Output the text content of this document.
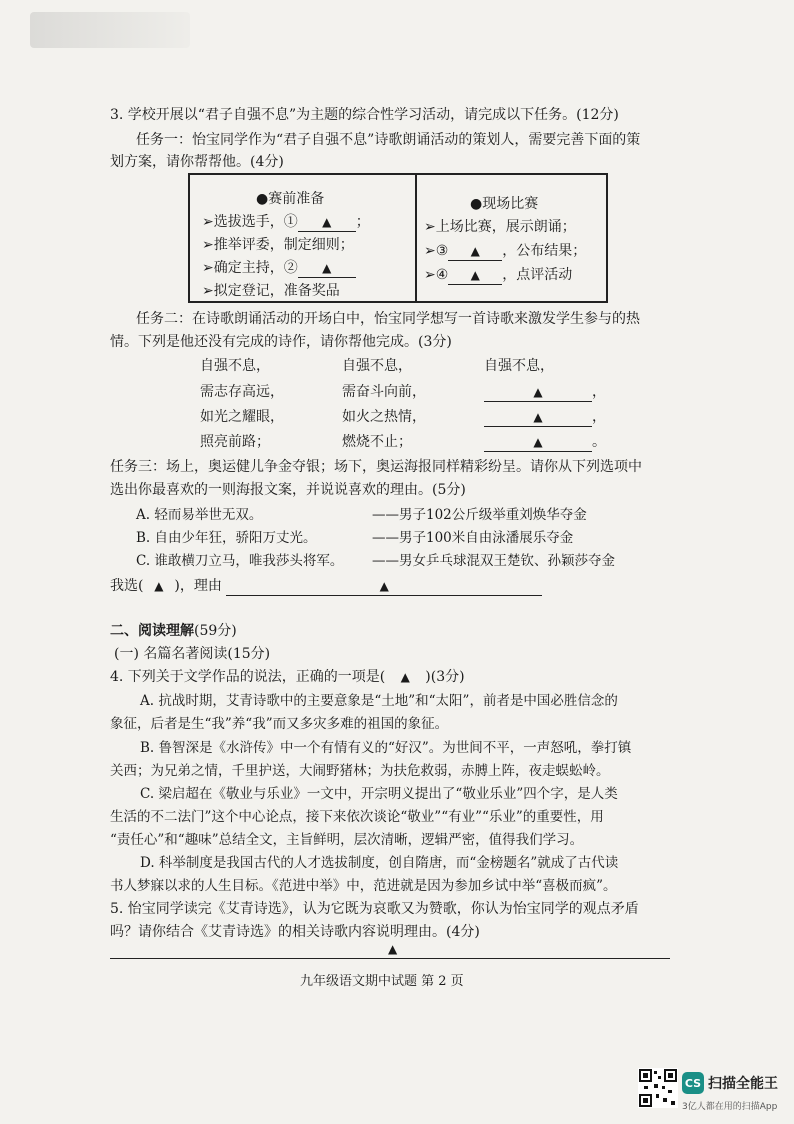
3. 学校开展以“君子自强不息”为主题的综合性学习活动，请完成以下任务。(12分)
任务一：怡宝同学作为“君子自强不息”诗歌朗诵活动的策划人，需要完善下面的策
划方案，请你帮帮他。(4分)
●赛前准备
➢选拔选手，① ▲ ；
➢推举评委，制定细则；
➢确定主持，② ▲
➢拟定登记，准备奖品
●现场比赛
➢上场比赛，展示朗诵；
➢③ ▲ ，公布结果；
➢④ ▲ ，点评活动
任务二：在诗歌朗诵活动的开场白中，怡宝同学想写一首诗歌来激发学生参与的热
情。下列是他还没有完成的诗作，请你帮他完成。(3分)
自强不息，
需志存高远，
如光之耀眼，
照亮前路；
自强不息，
需奋斗向前，
如火之热情，
燃烧不止；
自强不息，
▲	，
▲	，
▲	。
任务三：场上，奥运健儿争金夺银；场下，奥运海报同样精彩纷呈。请你从下列选项中
选出你最喜欢的一则海报文案，并说说喜欢的理由。(5分)
A. 轻而易举世无双。	——男子102公斤级举重刘焕华夺金
B. 自由少年狂，骄阳万丈光。	——男子100米自由泳潘展乐夺金
C. 谁敢横刀立马，唯我莎头将军。 ——男女乒乓球混双王楚钦、孙颖莎夺金
我选( ▲ )，理由	▲
二、阅读理解(59分)
(一) 名篇名著阅读(15分)
4. 下列关于文学作品的说法，正确的一项是( ▲ )(3分)
A. 抗战时期，艾青诗歌中的主要意象是“土地”和“太阳”，前者是中国必胜信念的
象征，后者是生“我”养“我”而又多灾多难的祖国的象征。
B. 鲁智深是《水浒传》中一个有情有义的“好汉”。为世间不平，一声怒吼，拳打镇
关西；为兄弟之情，千里护送，大闹野猪林；为扶危救弱，赤膊上阵，夜走蜈蚣岭。
C. 梁启超在《敬业与乐业》一文中，开宗明义提出了“敬业乐业”四个字，是人类
生活的不二法门”这个中心论点，接下来依次谈论“敬业”“有业”“乐业”的重要性，用
“责任心”和“趣味”总结全文，主旨鲜明，层次清晰，逻辑严密，值得我们学习。
D. 科举制度是我国古代的人才选拔制度，创自隋唐，而“金榜题名”就成了古代读
书人梦寐以求的人生目标。《范进中举》中，范进就是因为参加乡试中举“喜极而疯”。
5. 怡宝同学读完《艾青诗选》，认为它既为哀歌又为赞歌，你认为怡宝同学的观点矛盾
吗？请你结合《艾青诗选》的相关诗歌内容说明理由。(4分)
▲
九年级语文期中试题 第 2 页
CS 扫描全能王
3亿人都在用的扫描App
